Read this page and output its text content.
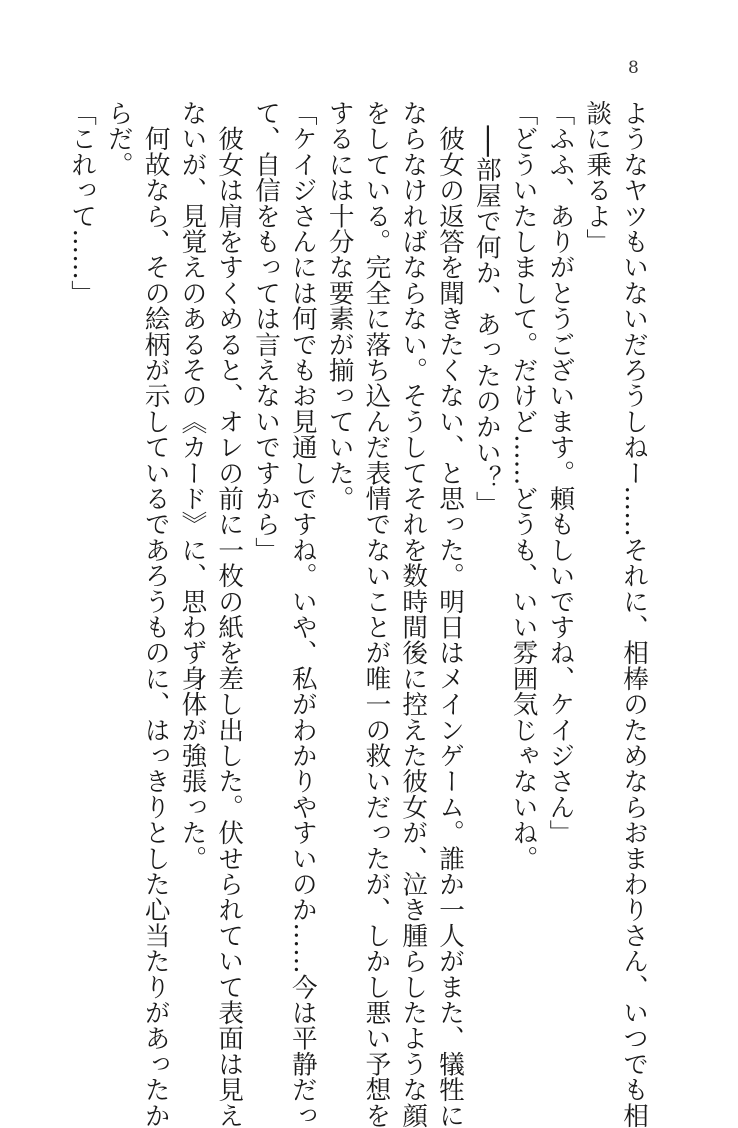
8

ようなヤツもいないだろうしねー……それに、相棒のためならおまわりさん、いつでも相

談に乗るよ」

「ふふ、ありがとうございます。頼もしいですね、ケイジさん」

「どういたしまして。だけど……どうも、いい雰囲気じゃないね。

　──部屋で何か、あったのかい？」

　彼女の返答を聞きたくない、と思った。明日はメインゲーム。誰か一人がまた、犠牲に

ならなければならない。そうしてそれを数時間後に控えた彼女が、泣き腫らしたような顔

をしている。完全に落ち込んだ表情でないことが唯一の救いだったが、しかし悪い予想を

するには十分な要素が揃っていた。

「ケイジさんには何でもお見通しですね。いや、私がわかりやすいのか……今は平静だっ

て、自信をもっては言えないですから」

　彼女は肩をすくめると、オレの前に一枚の紙を差し出した。伏せられていて表面は見え

ないが、見覚えのあるその《カード》に、思わず身体が強張った。

　何故なら、その絵柄が示しているであろうものに、はっきりとした心当たりがあったか

らだ。

「これって……」
